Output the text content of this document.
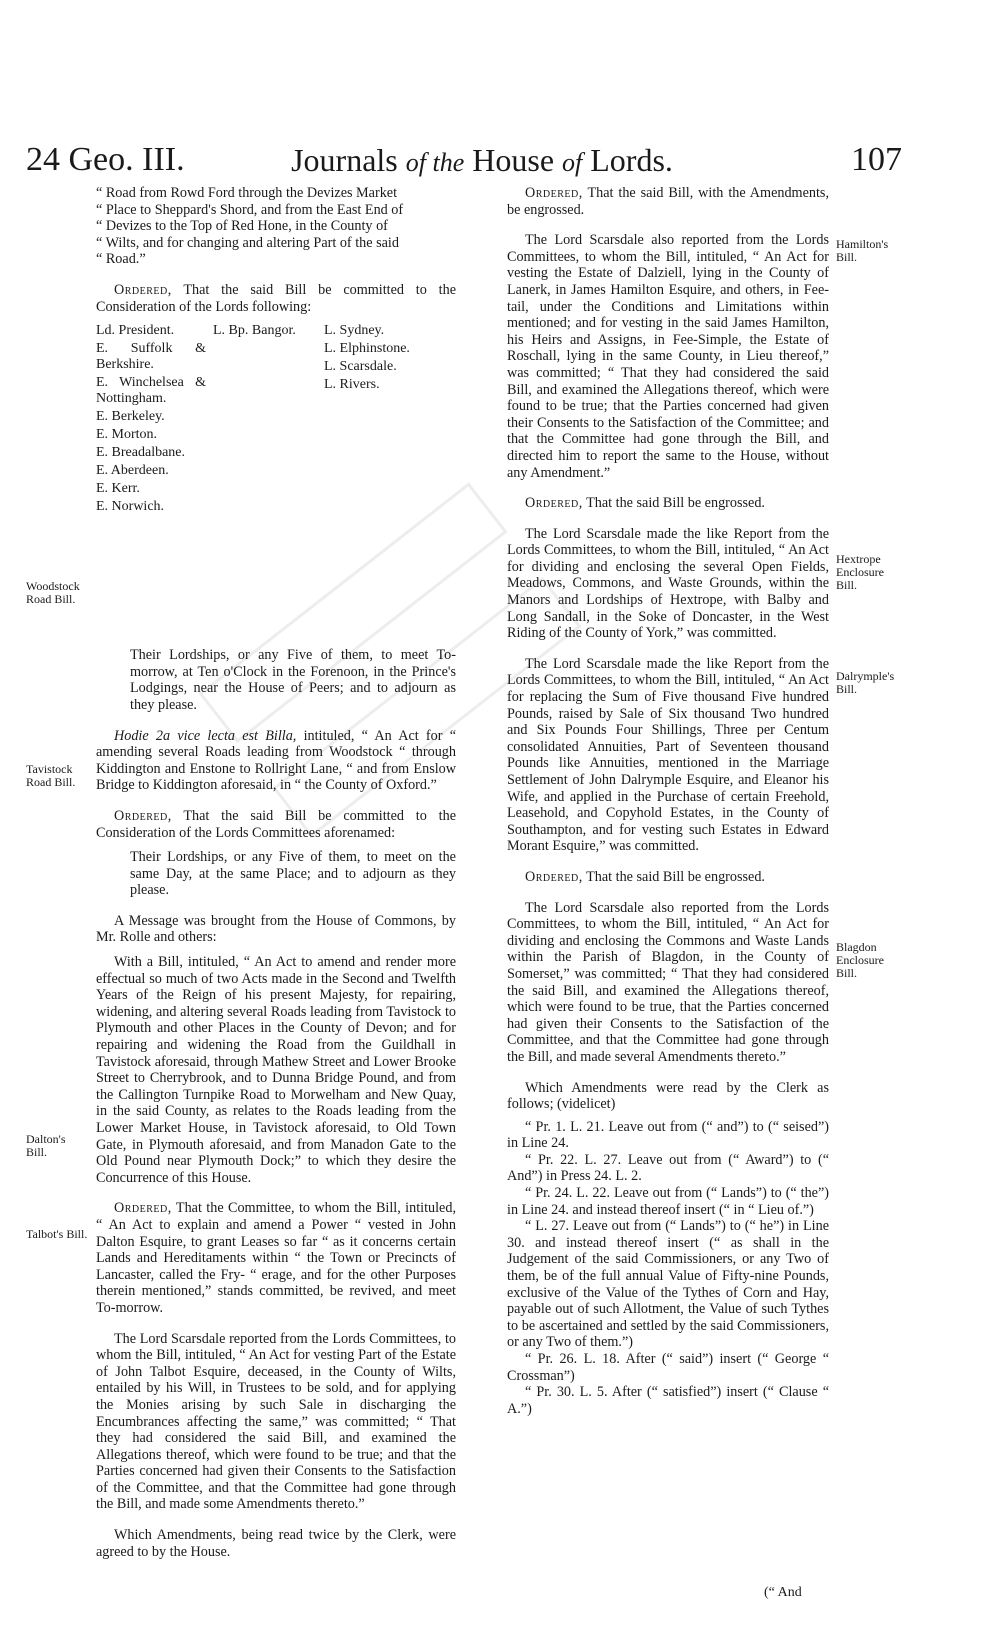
24 Geo. III.	Journals of the House of Lords.	107
Woodstock Road Bill.
Tavistock Road Bill.
Dalton's Bill.
Talbot's Bill.
Hamilton's Bill.
Hextrope Enclosure Bill.
Dalrymple's Bill.
Blagdon Enclosure Bill.

“ Road from Rowd Ford through the Devizes Market

“ Place to Sheppard's Shord, and from the East End of

“ Devizes to the Top of Red Hone, in the County of

“ Wilts, and for changing and altering Part of the said

“ Road.”

Ordered, That the said Bill be committed to the Consideration of the Lords following:

Ld. President.

E. Suffolk & Berkshire.

E. Winchelsea & Nottingham.

E. Berkeley.

E. Morton.

E. Breadalbane.

E. Aberdeen.

E. Kerr.

E. Norwich.

L. Bp. Bangor.	L. Sydney.

L. Elphinstone.

L. Scarsdale.

L. Rivers.

Their Lordships, or any Five of them, to meet To-morrow, at Ten o'Clock in the Forenoon, in the Prince's Lodgings, near the House of Peers; and to adjourn as they please.

Hodie 2a vice lecta est Billa, intituled, “ An Act for “ amending several Roads leading from Woodstock “ through Kiddington and Enstone to Rollright Lane, “ and from Enslow Bridge to Kiddington aforesaid, in “ the County of Oxford.”

Ordered, That the said Bill be committed to the Consideration of the Lords Committees aforenamed:

Their Lordships, or any Five of them, to meet on the same Day, at the same Place; and to adjourn as they please.

A Message was brought from the House of Commons, by Mr. Rolle and others:

With a Bill, intituled, “ An Act to amend and render more effectual so much of two Acts made in the Second and Twelfth Years of the Reign of his present Majesty, for repairing, widening, and altering several Roads leading from Tavistock to Plymouth and other Places in the County of Devon; and for repairing and widening the Road from the Guildhall in Tavistock aforesaid, through Mathew Street and Lower Brooke Street to Cherrybrook, and to Dunna Bridge Pound, and from the Callington Turnpike Road to Morwelham and New Quay, in the said County, as relates to the Roads leading from the Lower Market House, in Tavistock aforesaid, to Old Town Gate, in Plymouth aforesaid, and from Manadon Gate to the Old Pound near Plymouth Dock;” to which they desire the Concurrence of this House.

Ordered, That the Committee, to whom the Bill, intituled, “ An Act to explain and amend a Power “ vested in John Dalton Esquire, to grant Leases so far “ as it concerns certain Lands and Hereditaments within “ the Town or Precincts of Lancaster, called the Fry- “ erage, and for the other Purposes therein mentioned,” stands committed, be revived, and meet To-morrow.

The Lord Scarsdale reported from the Lords Committees, to whom the Bill, intituled, “ An Act for vesting Part of the Estate of John Talbot Esquire, deceased, in the County of Wilts, entailed by his Will, in Trustees to be sold, and for applying the Monies arising by such Sale in discharging the Encumbrances affecting the same,” was committed; “ That they had considered the said Bill, and examined the Allegations thereof, which were found to be true; and that the Parties concerned had given their Consents to the Satisfaction of the Committee, and that the Committee had gone through the Bill, and made some Amendments thereto.”

Which Amendments, being read twice by the Clerk, were agreed to by the House.

Ordered, That the said Bill, with the Amendments, be engrossed.

The Lord Scarsdale also reported from the Lords Committees, to whom the Bill, intituled, “ An Act for vesting the Estate of Dalziell, lying in the County of Lanerk, in James Hamilton Esquire, and others, in Fee-tail, under the Conditions and Limitations within mentioned; and for vesting in the said James Hamilton, his Heirs and Assigns, in Fee-Simple, the Estate of Roschall, lying in the same County, in Lieu thereof,” was committed; “ That they had considered the said Bill, and examined the Allegations thereof, which were found to be true; that the Parties concerned had given their Consents to the Satisfaction of the Committee; and that the Committee had gone through the Bill, and directed him to report the same to the House, without any Amendment.”

Ordered, That the said Bill be engrossed.

The Lord Scarsdale made the like Report from the Lords Committees, to whom the Bill, intituled, “ An Act for dividing and enclosing the several Open Fields, Meadows, Commons, and Waste Grounds, within the Manors and Lordships of Hextrope, with Balby and Long Sandall, in the Soke of Doncaster, in the West Riding of the County of York,” was committed.

The Lord Scarsdale made the like Report from the Lords Committees, to whom the Bill, intituled, “ An Act for replacing the Sum of Five thousand Five hundred Pounds, raised by Sale of Six thousand Two hundred and Six Pounds Four Shillings, Three per Centum consolidated Annuities, Part of Seventeen thousand Pounds like Annuities, mentioned in the Marriage Settlement of John Dalrymple Esquire, and Eleanor his Wife, and applied in the Purchase of certain Freehold, Leasehold, and Copyhold Estates, in the County of Southampton, and for vesting such Estates in Edward Morant Esquire,” was committed.

Ordered, That the said Bill be engrossed.

The Lord Scarsdale also reported from the Lords Committees, to whom the Bill, intituled, “ An Act for dividing and enclosing the Commons and Waste Lands within the Parish of Blagdon, in the County of Somerset,” was committed; “ That they had considered the said Bill, and examined the Allegations thereof, which were found to be true, that the Parties concerned had given their Consents to the Satisfaction of the Committee, and that the Committee had gone through the Bill, and made several Amendments thereto.”

Which Amendments were read by the Clerk as follows; (videlicet)

“ Pr. 1. L. 21. Leave out from (“ and”) to (“ seised”) in Line 24.

“ Pr. 22. L. 27. Leave out from (“ Award”) to (“ And”) in Press 24. L. 2.

“ Pr. 24. L. 22. Leave out from (“ Lands”) to (“ the”) in Line 24. and instead thereof insert (“ in “ Lieu of.”)

“ L. 27. Leave out from (“ Lands”) to (“ he”) in Line 30. and instead thereof insert (“ as shall in the Judgement of the said Commissioners, or any Two of them, be of the full annual Value of Fifty-nine Pounds, exclusive of the Value of the Tythes of Corn and Hay, payable out of such Allotment, the Value of such Tythes to be ascertained and settled by the said Commissioners, or any Two of them.”)

“ Pr. 26. L. 18. After (“ said”) insert (“ George “ Crossman”)

“ Pr. 30. L. 5. After (“ satisfied”) insert (“ Clause “ A.”)

(“ And
